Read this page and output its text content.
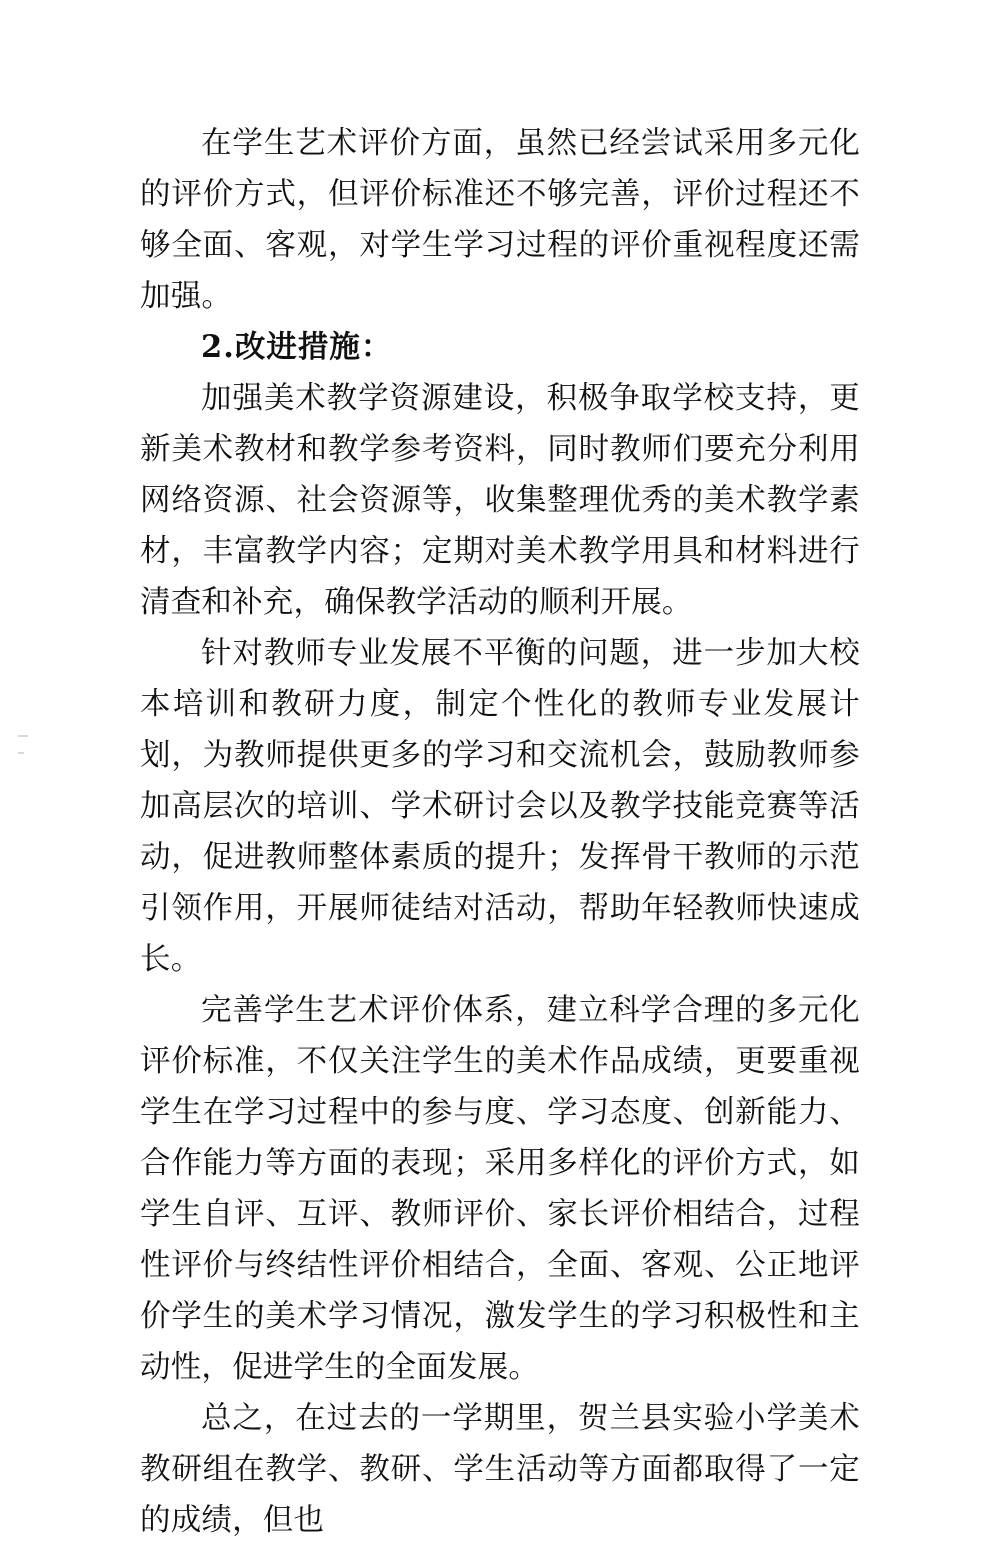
在学生艺术评价方面，虽然已经尝试采用多元化的评价方式，但评价标准还不够完善，评价过程还不够全面、客观，对学生学习过程的评价重视程度还需加强。

2.改进措施：

加强美术教学资源建设，积极争取学校支持，更新美术教材和教学参考资料，同时教师们要充分利用网络资源、社会资源等，收集整理优秀的美术教学素材，丰富教学内容；定期对美术教学用具和材料进行清查和补充，确保教学活动的顺利开展。

针对教师专业发展不平衡的问题，进一步加大校本培训和教研力度，制定个性化的教师专业发展计划，为教师提供更多的学习和交流机会，鼓励教师参加高层次的培训、学术研讨会以及教学技能竞赛等活动，促进教师整体素质的提升；发挥骨干教师的示范引领作用，开展师徒结对活动，帮助年轻教师快速成长。

完善学生艺术评价体系，建立科学合理的多元化评价标准，不仅关注学生的美术作品成绩，更要重视学生在学习过程中的参与度、学习态度、创新能力、合作能力等方面的表现；采用多样化的评价方式，如学生自评、互评、教师评价、家长评价相结合，过程性评价与终结性评价相结合，全面、客观、公正地评价学生的美术学习情况，激发学生的学习积极性和主动性，促进学生的全面发展。

总之，在过去的一学期里，贺兰县实验小学美术教研组在教学、教研、学生活动等方面都取得了一定的成绩，但也
